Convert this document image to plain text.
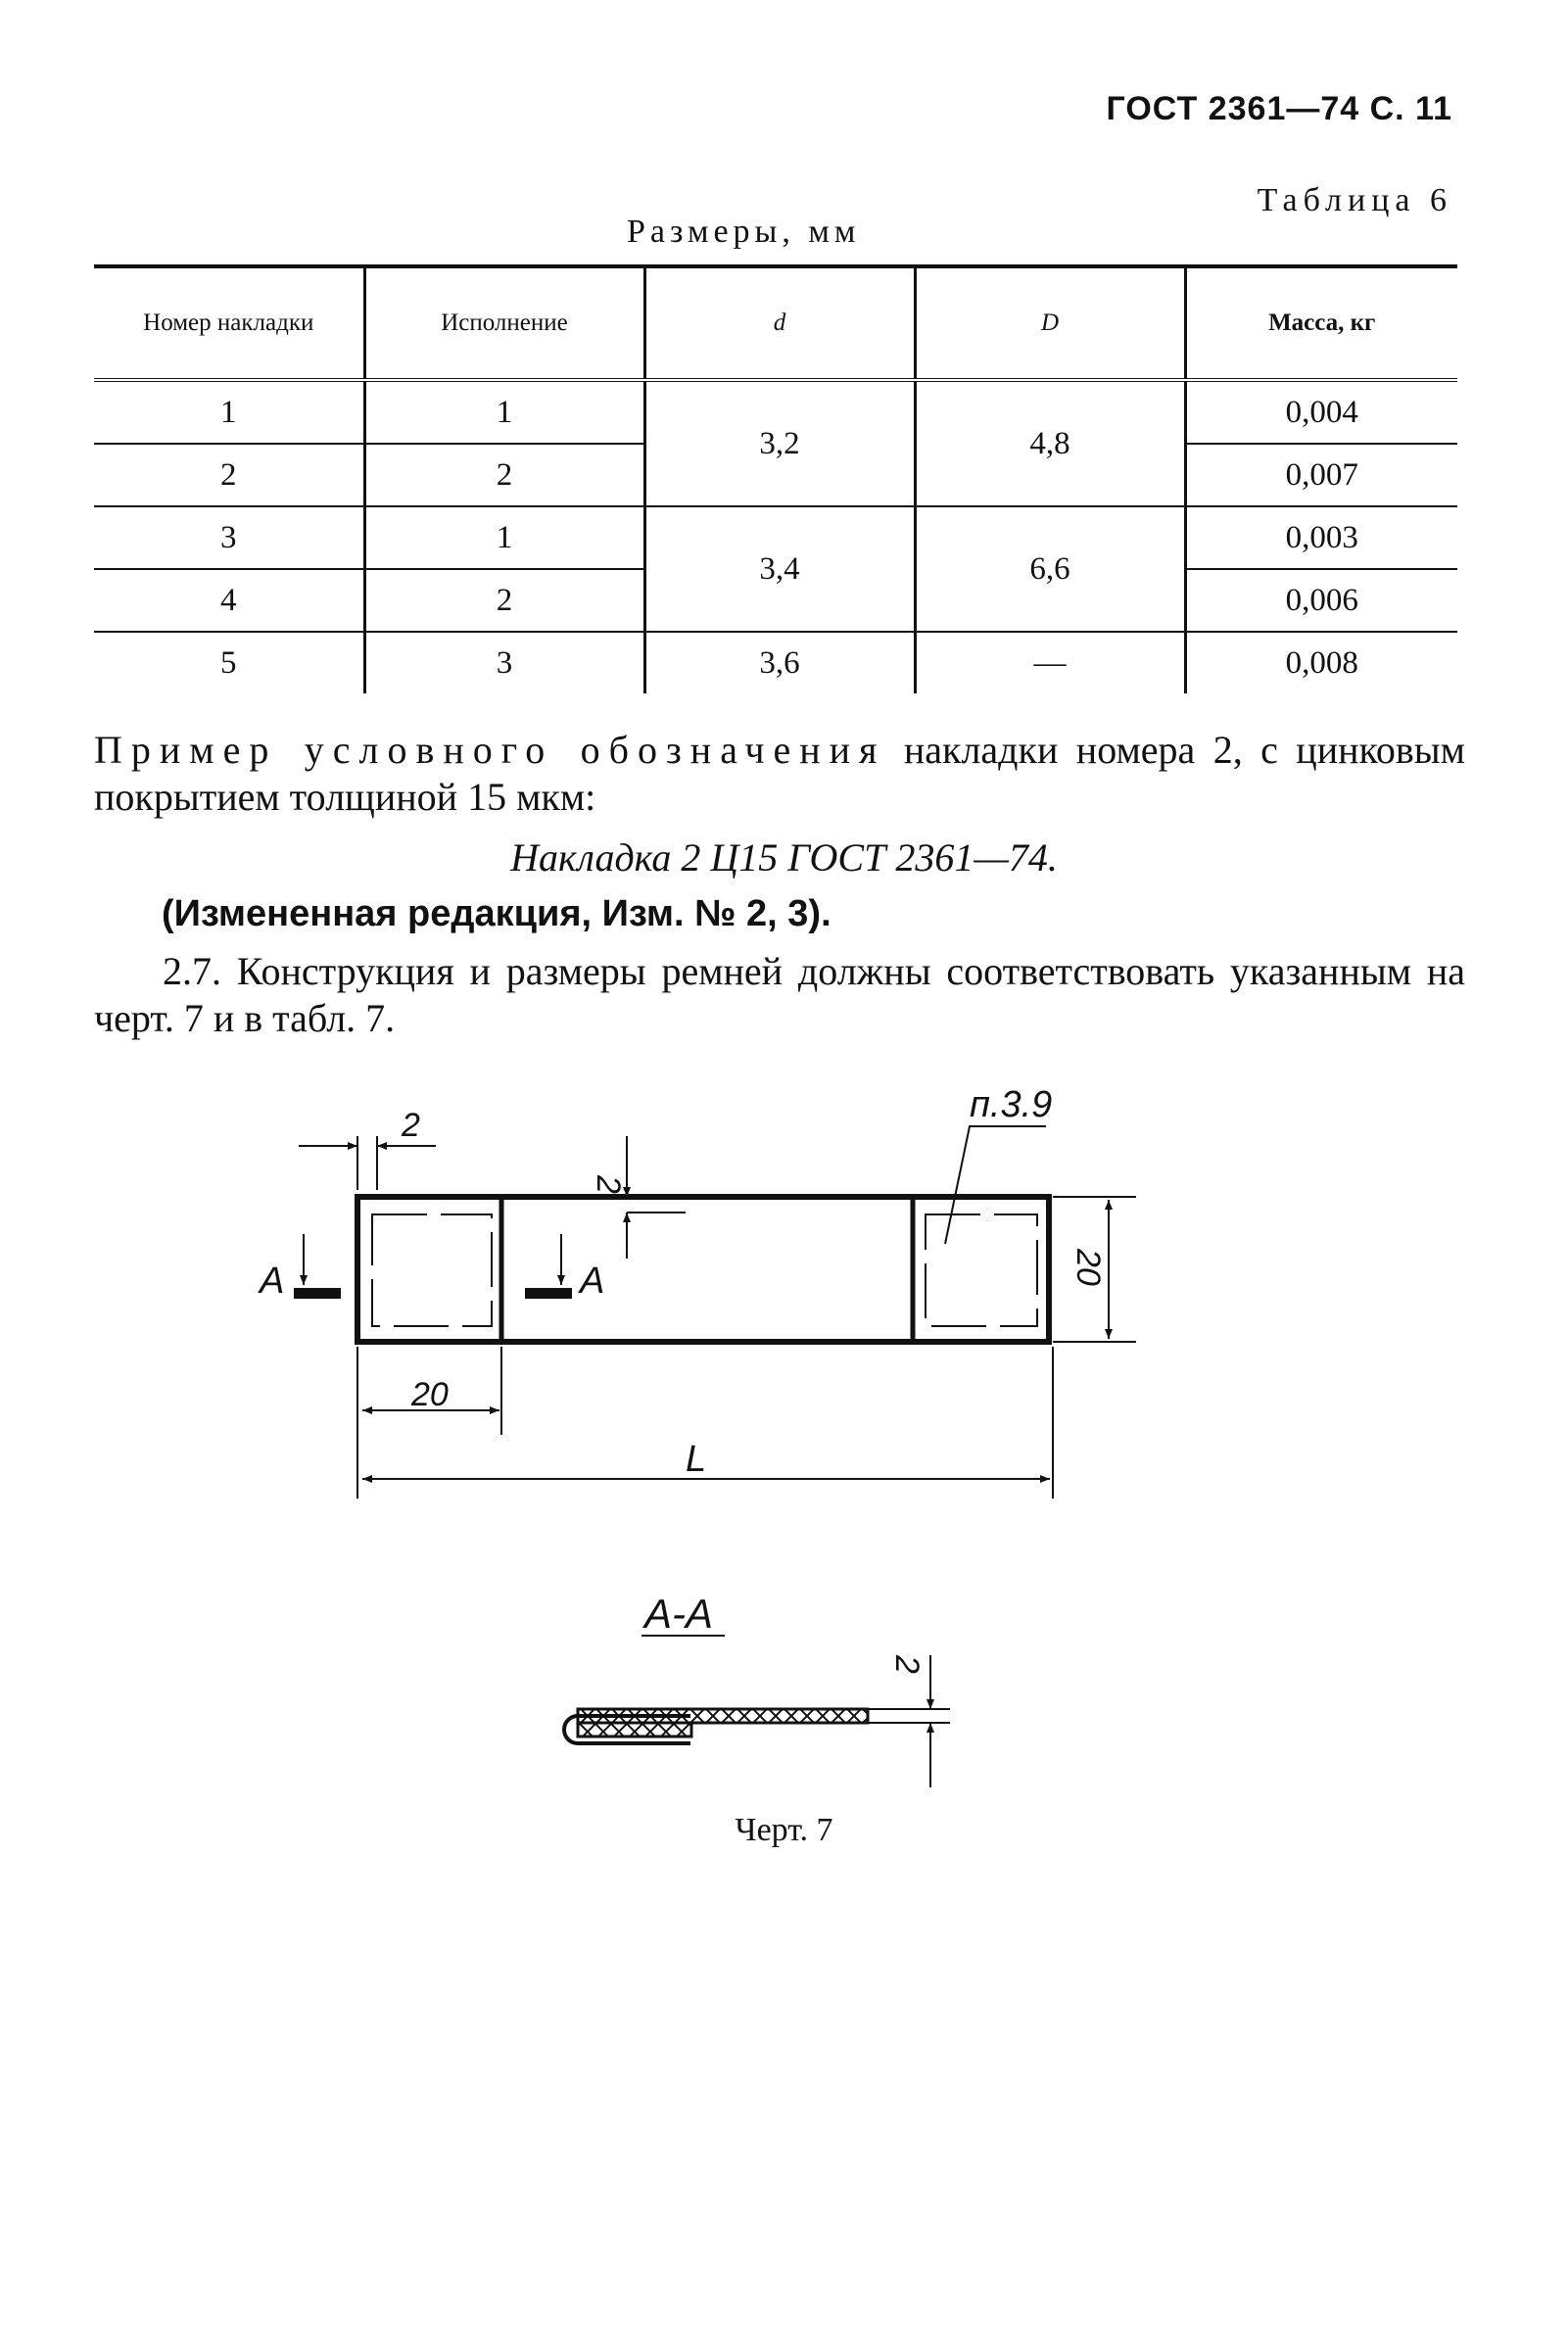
ГОСТ 2361—74 С. 11
Таблица 6
Размеры, мм
Номер накладки	Исполнение	d	D	Масса, кг
1	1	3,2	4,8	0,004
2	2			0,007
3	1	3,4	6,6	0,003
4	2			0,006
5	3	3,6	—	0,008
Пример условного обозначения накладки номера 2, с цинковым покрытием толщиной 15 мкм:
Накладка 2 Ц15 ГОСТ 2361—74.
(Измененная редакция, Изм. № 2, 3).
2.7. Конструкция и размеры ремней должны соответствовать указанным на черт. 7 и в табл. 7.
2
2
20
20
L
п.3.9
А	А
А-А
2
Черт. 7
